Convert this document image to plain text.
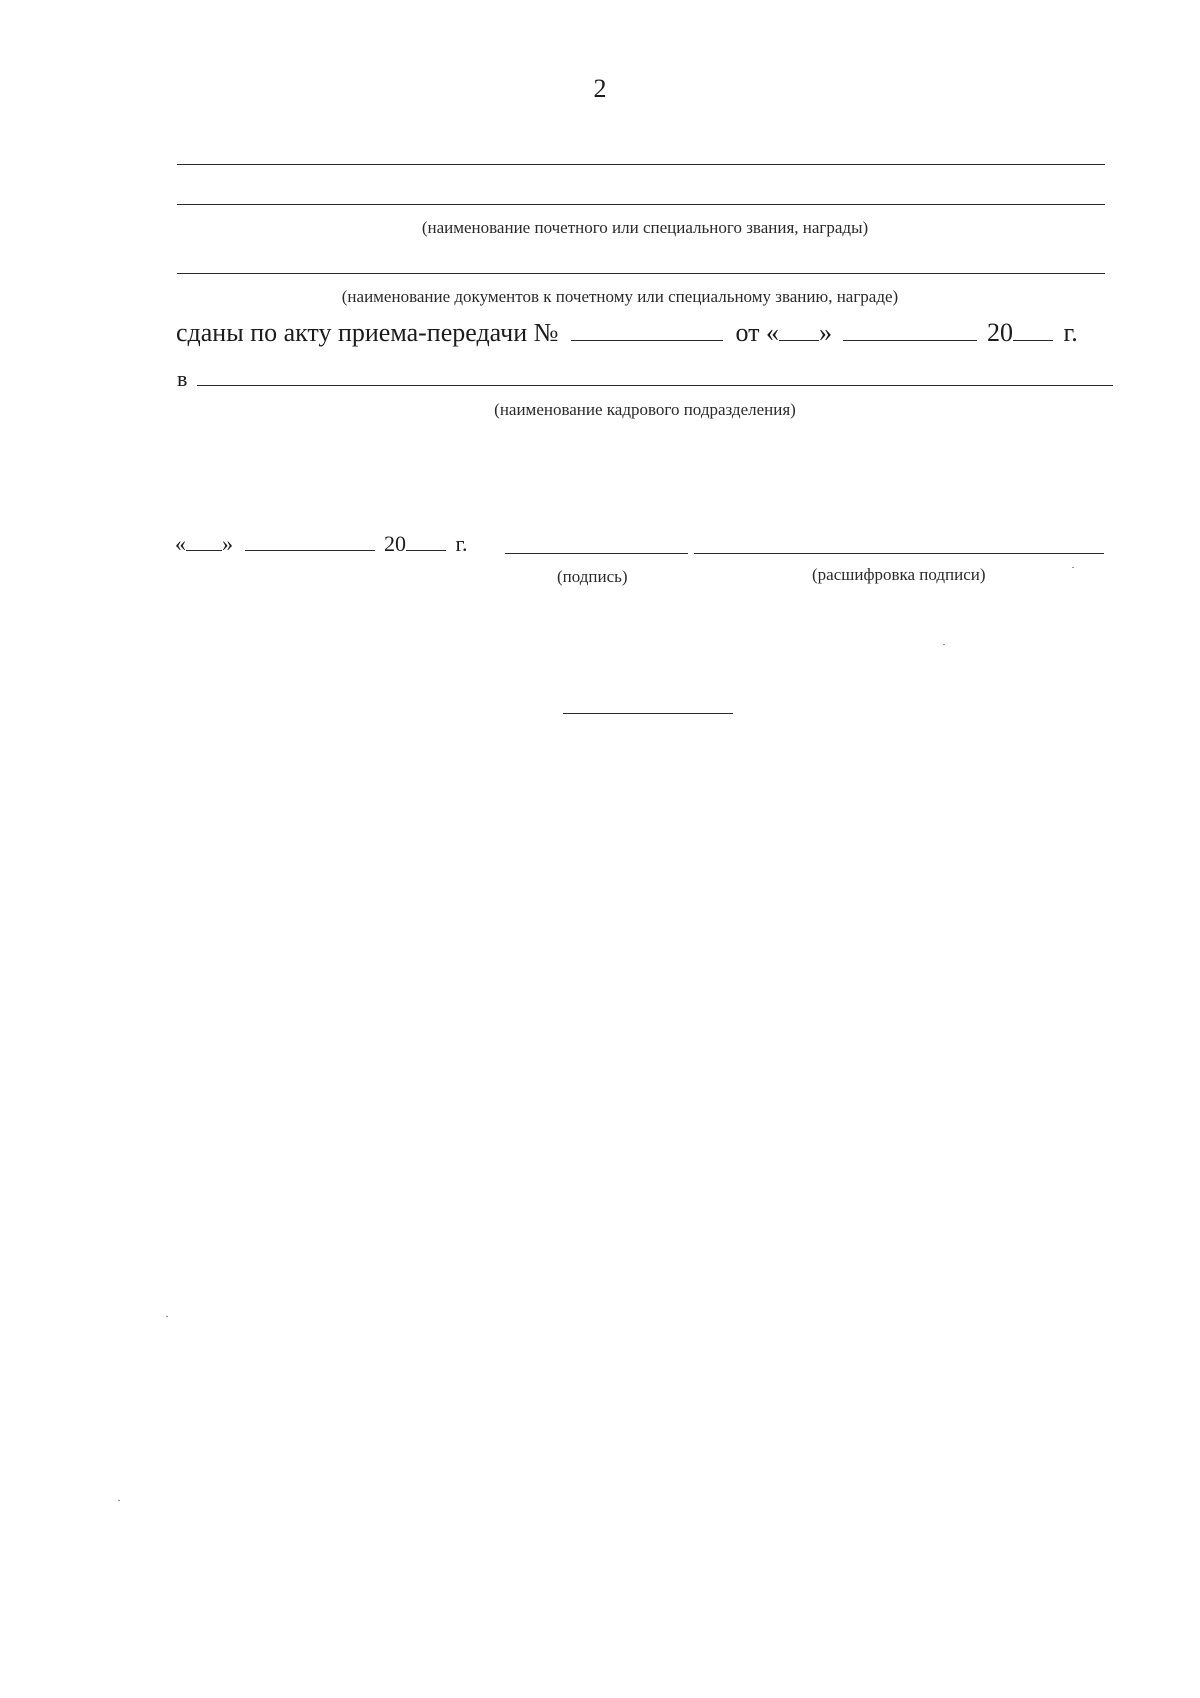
2
(наименование почетного или специального звания, награды)
(наименование документов к почетному или специальному званию, награде)
сданы по акту приема-передачи №	от « »	20 г.
в
(наименование кадрового подразделения)
« »	20 г.
(подпись)	(расшифровка подписи)
